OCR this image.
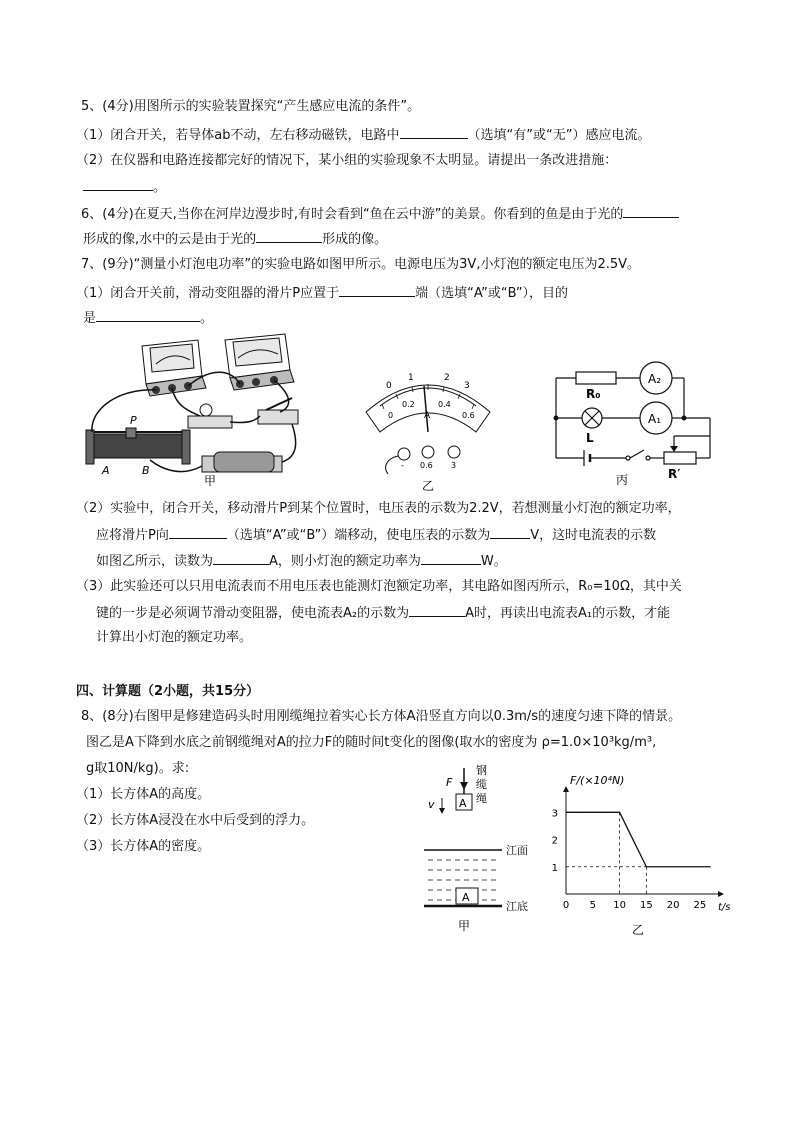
5、(4分)用图所示的实验装置探究“产生感应电流的条件”。
（1）闭合开关，若导体ab不动，左右移动磁铁，电路中	（选填“有”或“无”）感应电流。
（2）在仪器和电路连接都完好的情况下，某小组的实验现象不太明显。请提出一条改进措施：
。
6、(4分)在夏天,当你在河岸边漫步时,有时会看到“鱼在云中游”的美景。你看到的鱼是由于光的
形成的像,水中的云是由于光的	形成的像。
7、(9分)“测量小灯泡电功率”的实验电路如图甲所示。电源电压为3V,小灯泡的额定电压为2.5V。
（1）闭合开关前，滑动变阻器的滑片P应置于	端（选填“A”或“B”），目的
是	。
P
A	B
甲
0
1	2
3
0
0.2	0.4
0.6
A
- 0.6 3
乙
A₂
A₁
R₀
L
R′
丙
（2）实验中，闭合开关，移动滑片P到某个位置时，电压表的示数为2.2V，若想测量小灯泡的额定功率，
应将滑片P向	（选填“A”或“B”）端移动，使电压表的示数为	V，这时电流表的示数
如图乙所示，读数为	A，则小灯泡的额定功率为	W。
（3）此实验还可以只用电流表而不用电压表也能测灯泡额定功率，其电路如图丙所示，R₀=10Ω，其中关
键的一步是必须调节滑动变阻器，使电流表A₂的示数为	A时，再读出电流表A₁的示数，才能
计算出小灯泡的额定功率。
四、计算题（2小题，共15分）
8、(8分)右图甲是修建造码头时用刚缆绳拉着实心长方体A沿竖直方向以0.3m/s的速度匀速下降的情景。
图乙是A下降到水底之前钢缆绳对A的拉力F的随时间t变化的图像(取水的密度为 ρ=1.0×10³kg/m³,
g取10N/kg)。求:
（1）长方体A的高度。
（2）长方体A浸没在水中后受到的浮力。
（3）长方体A的密度。
F
v A
钢
缆
绳
A
江面
江底
甲
F/(×10⁴N)
t/s
0 5 10 15 20 25
1
2
3
乙
